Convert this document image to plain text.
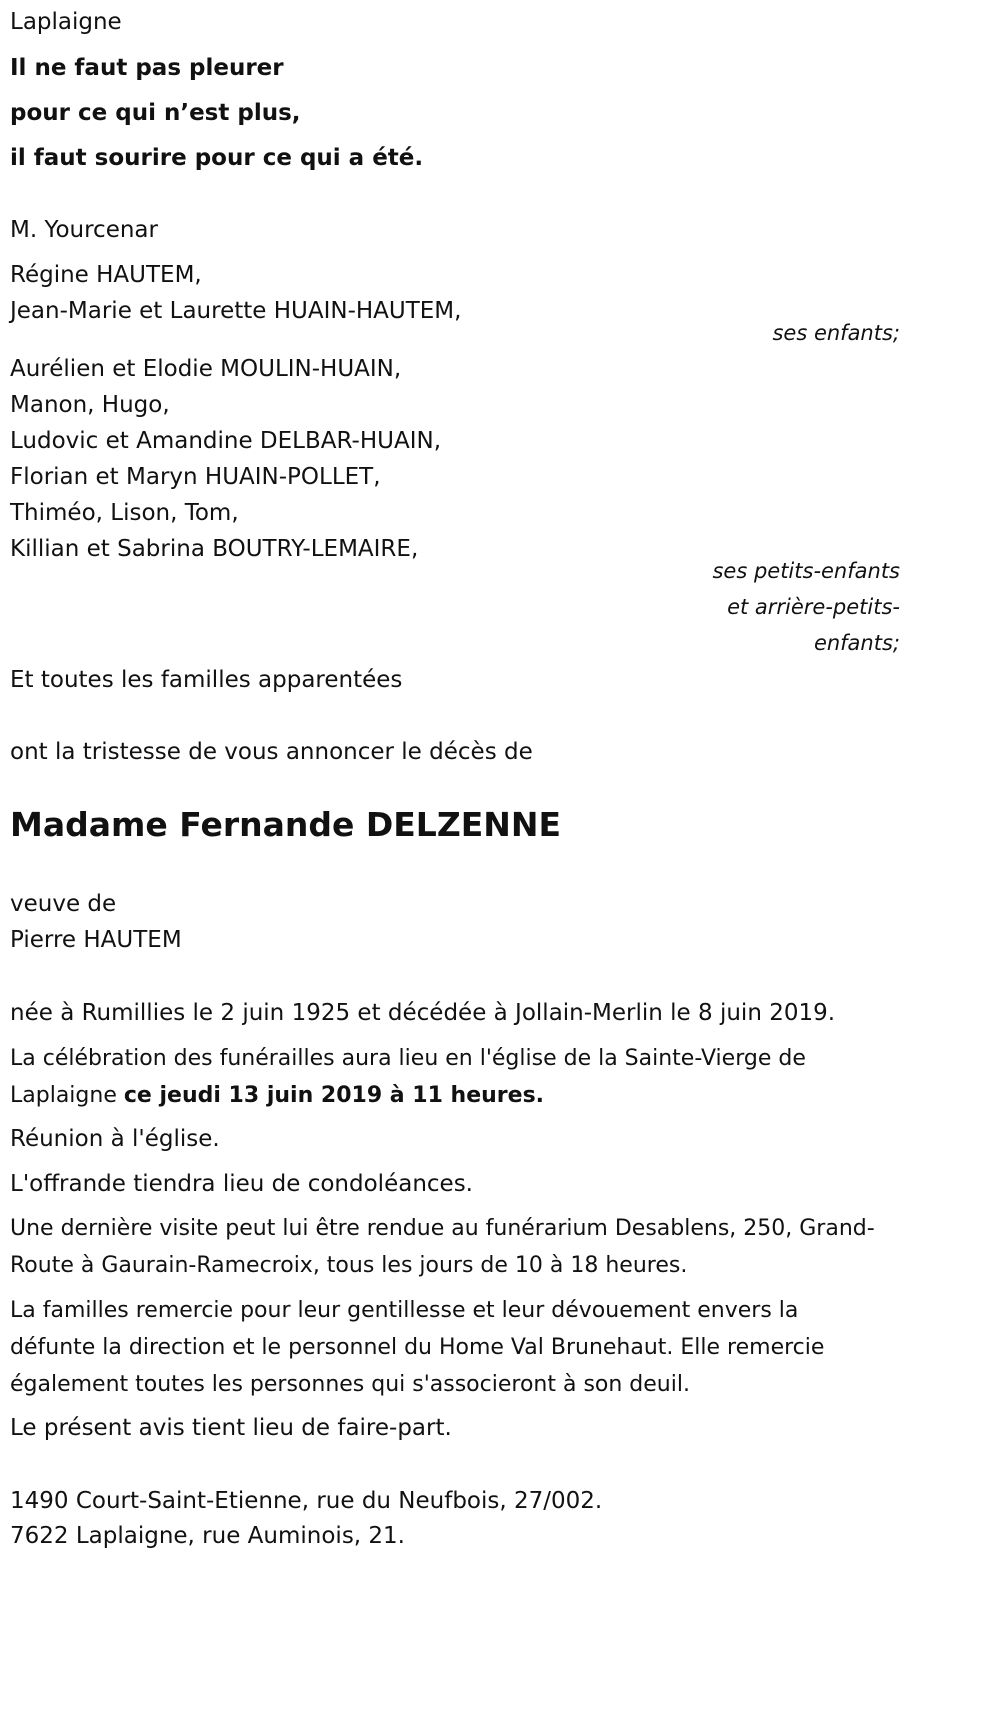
Laplaigne

Il ne faut pas pleurer

pour ce qui n’est plus,

il faut sourire pour ce qui a été.

M. Yourcenar

Régine HAUTEM,

Jean-Marie et Laurette HUAIN-HAUTEM,

ses enfants;

Aurélien et Elodie MOULIN-HUAIN,

Manon, Hugo,

Ludovic et Amandine DELBAR-HUAIN,

Florian et Maryn HUAIN-POLLET,

Thiméo, Lison, Tom,

Killian et Sabrina BOUTRY-LEMAIRE,

ses petits-enfants

et arrière-petits-

enfants;

Et toutes les familles apparentées

ont la tristesse de vous annoncer le décès de

Madame Fernande DELZENNE

veuve de

Pierre HAUTEM

née à Rumillies le 2 juin 1925 et décédée à Jollain-Merlin le 8 juin 2019.

La célébration des funérailles aura lieu en l'église de la Sainte-Vierge de Laplaigne ce jeudi 13 juin 2019 à 11 heures.

Réunion à l'église.

L'offrande tiendra lieu de condoléances.

Une dernière visite peut lui être rendue au funérarium Desablens, 250, Grand-Route à Gaurain-Ramecroix, tous les jours de 10 à 18 heures.

La familles remercie pour leur gentillesse et leur dévouement envers la défunte la direction et le personnel du Home Val Brunehaut. Elle remercie également toutes les personnes qui s'associeront à son deuil.

Le présent avis tient lieu de faire-part.

1490 Court-Saint-Etienne, rue du Neufbois, 27/002.

7622 Laplaigne, rue Auminois, 21.
